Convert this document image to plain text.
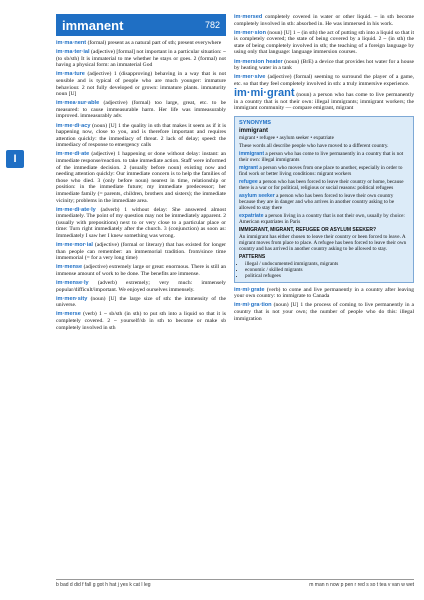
I
immanent	782
im·ma·nent (formal) present as a natural part of sth; present everywhere
im·ma·ter·ial (adjective) [formal] not important in a particular situation: ~ (to sb/sth) It is immaterial to me whether he stays or goes. 2 (formal) not having a physical form: an immaterial God
im·ma·ture (adjective) 1 (disapproving) behaving in a way that is not sensible and is typical of people who are much younger: immature behaviour. 2 not fully developed or grown: immature plants. immaturity noun [U]
im·mea·sur·able (adjective) (formal) too large, great, etc. to be measured: to cause immeasurable harm. Her life was immeasurably improved. immeasurably adv.
im·me·di·acy (noun) [U] 1 the quality in sth that makes it seem as if it is happening now, close to you, and is therefore important and requires attention quickly: the immediacy of threat. 2 lack of delay; speed: the immediacy of response to emergency calls
im·me·di·ate (adjective) 1 happening or done without delay: instant: an immediate response/reaction. to take immediate action. Staff were informed of the immediate decision. 2 (usually before noun) existing now and needing attention quickly: Our immediate concern is to help the families of those who died. 3 (only before noun) nearest in time, relationship or position: in the immediate future; my immediate predecessor; her immediate family (= parents, children, brothers and sisters); the immediate vicinity; problems in the immediate area.
im·me·di·ate·ly (adverb) 1 without delay: She answered almost immediately. The point of my question may not be immediately apparent. 2 (usually with prepositions) next to or very close to a particular place or time: Turn right immediately after the church. 3 (conjunction) as soon as: Immediately I saw her I knew something was wrong.
im·me·mor·ial (adjective) (formal or literary) that has existed for longer than people can remember: an immemorial tradition. from/since time immemorial (= for a very long time)
im·mense (adjective) extremely large or great: enormous. There is still an immense amount of work to be done. The benefits are immense.
im·mense·ly (adverb) extremely; very much: immensely popular/difficult/important. We enjoyed ourselves immensely.
im·men·sity (noun) [U] the large size of sth: the immensity of the universe.
im·merse (verb) 1 ~ sb/sth (in sth) to put sth into a liquid so that it is completely covered. 2 ~ yourself/sb in sth to become or make sb completely involved in sth
im·mersed completely covered in water or other liquid. ~ in sth become completely involved in sth: absorbed in. He was immersed in his work.
im·mer·sion (noun) [U] 1 ~ (in sth) the act of putting sth into a liquid so that it is completely covered; the state of being covered by a liquid. 2 ~ (in sth) the state of being completely involved in sth; the teaching of a foreign language by using only that language: language immersion courses.
im·mersion heater (noun) (BrE) a device that provides hot water for a house by heating water in a tank
im·mer·sive (adjective) (formal) seeming to surround the player of a game, etc. so that they feel completely involved in sth: a truly immersive experience.
im·mi·grant (noun) a person who has come to live permanently in a country that is not their own: illegal immigrants; immigrant workers; the immigrant community — compare emigrant, migrant
SYNONYMS
immigrant
migrant • refugee • asylum seeker • expatriate
These words all describe people who have moved to a different country.
immigrant a person who has come to live permanently in a country that is not their own: illegal immigrants
migrant a person who moves from one place to another, especially in order to find work or better living conditions: migrant workers
refugee a person who has been forced to leave their country or home, because there is a war or for political, religious or social reasons: political refugees
asylum seeker a person who has been forced to leave their own country because they are in danger and who arrives in another country asking to be allowed to stay there
expatriate a person living in a country that is not their own, usually by choice: American expatriates in Paris
IMMIGRANT, MIGRANT, REFUGEE OR ASYLUM SEEKER?
An immigrant has either chosen to leave their country or been forced to leave. A migrant moves from place to place. A refugee has been forced to leave their own country and has arrived in another country asking to be allowed to stay.
PATTERNS
• illegal / undocumented immigrants, migrants
• economic / skilled migrants
• political refugees
im·mi·grate (verb) to come and live permanently in a country after leaving your own country: to immigrate to Canada
im·mi·gra·tion (noun) [U] 1 the process of coming to live permanently in a country that is not your own; the number of people who do this: illegal immigration
b bad d did f fall g got h hat j yes k cat l leg	m man n now p pen r red s so t tea v van w wet
